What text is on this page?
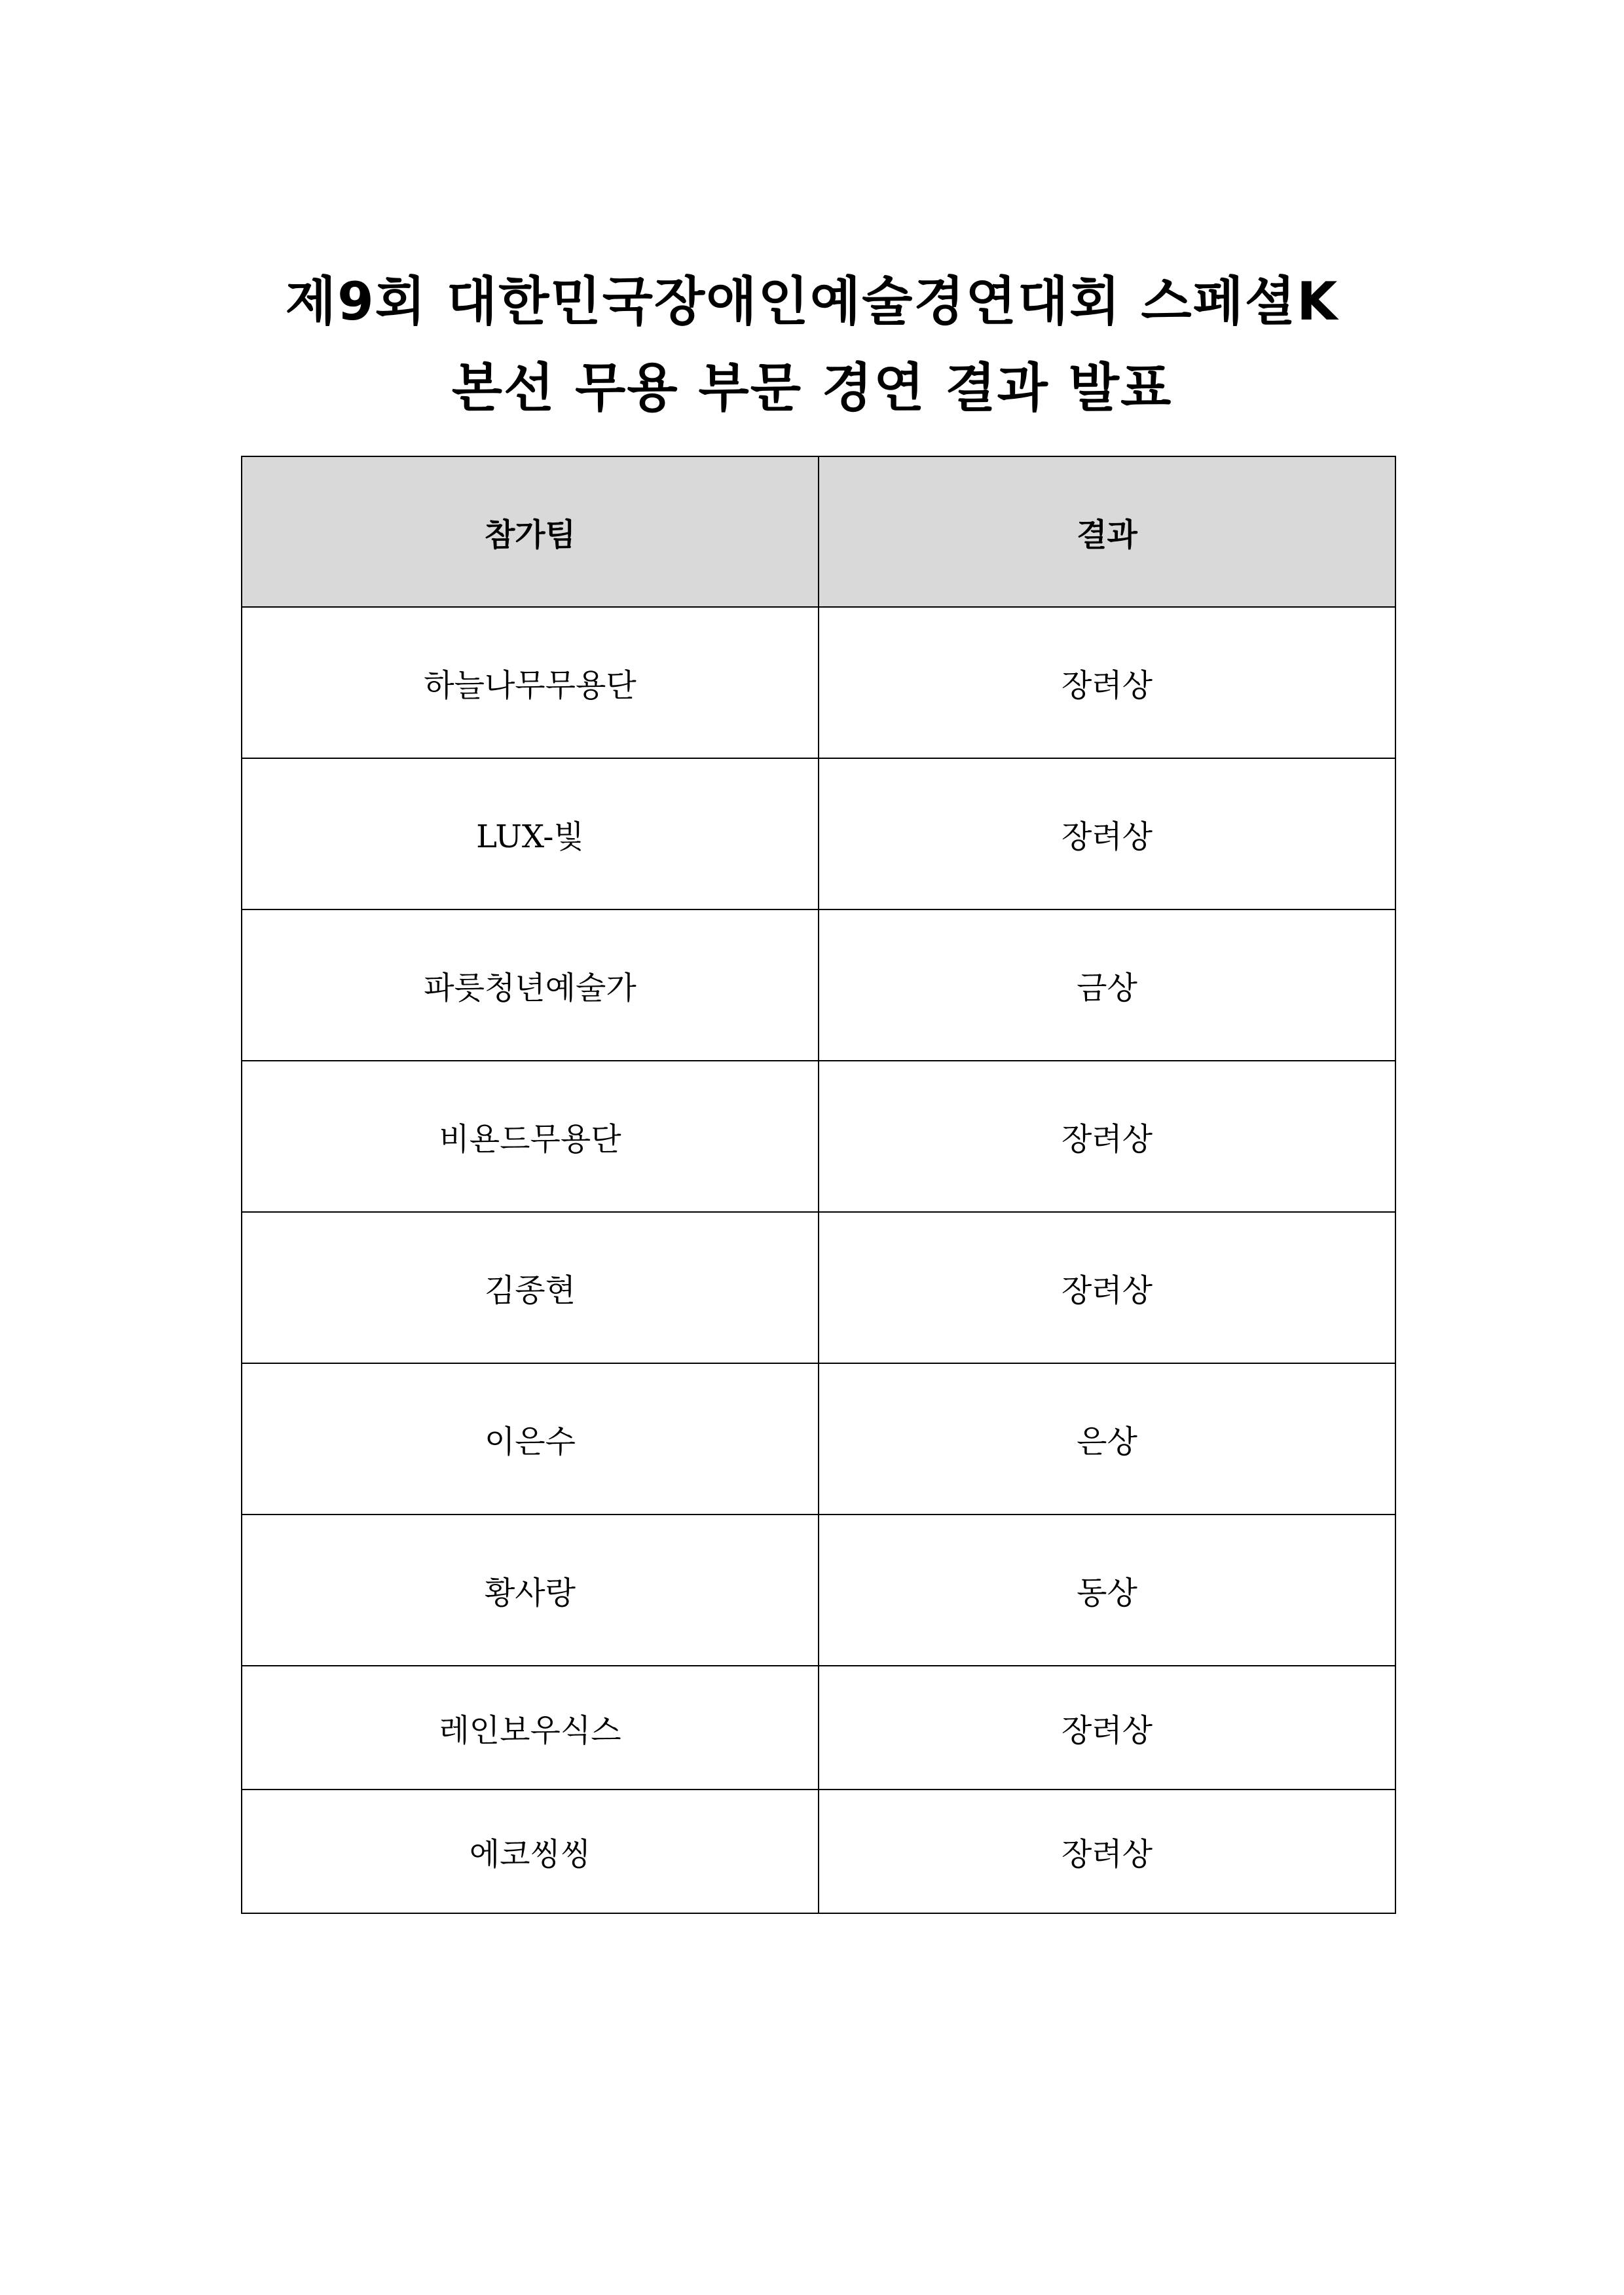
제9회 대한민국장애인예술경연대회 스페셜K
본선 무용 부문 경연 결과 발표
참가팀	결과
하늘나무무용단	장려상
LUX-빛	장려상
파릇청년예술가	금상
비욘드무용단	장려상
김종현	장려상
이은수	은상
황사랑	동상
레인보우식스	장려상
에코씽씽	장려상
